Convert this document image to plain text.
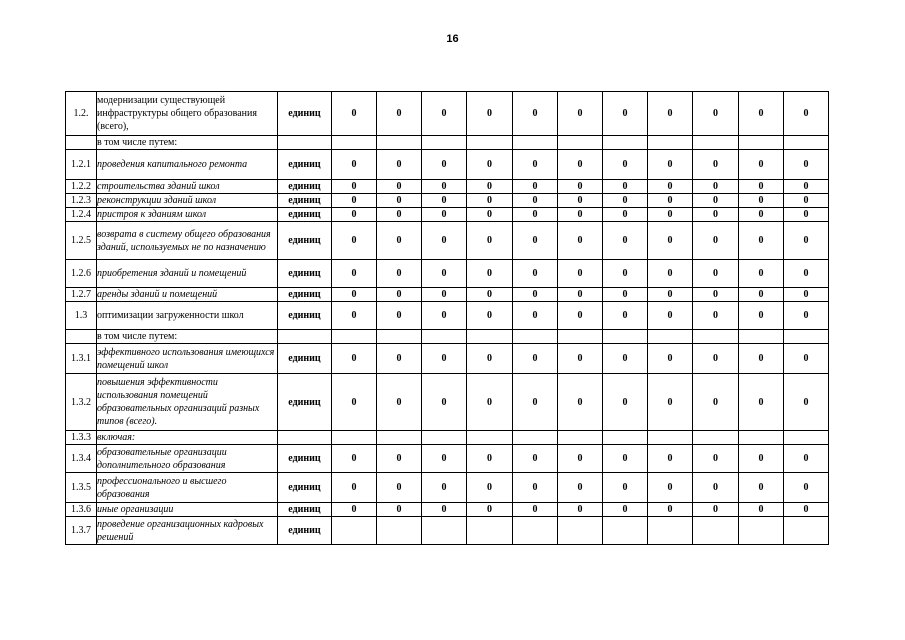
16
1.2.	модернизации существующей инфраструктуры общего образования (всего),	единиц	0	0	0	0	0	0	0	0	0	0	0
	в том числе путем:												
1.2.1	проведения капитального ремонта	единиц	0	0	0	0	0	0	0	0	0	0	0
1.2.2	строительства зданий школ	единиц	0	0	0	0	0	0	0	0	0	0	0
1.2.3	реконструкции зданий школ	единиц	0	0	0	0	0	0	0	0	0	0	0
1.2.4	пристроя к зданиям школ	единиц	0	0	0	0	0	0	0	0	0	0	0
1.2.5	возврата в систему общего образования зданий, используемых не по назначению	единиц	0	0	0	0	0	0	0	0	0	0	0
1.2.6	приобретения зданий и помещений	единиц	0	0	0	0	0	0	0	0	0	0	0
1.2.7	аренды зданий и помещений	единиц	0	0	0	0	0	0	0	0	0	0	0
1.3	оптимизации загруженности школ	единиц	0	0	0	0	0	0	0	0	0	0	0
	в том числе путем:												
1.3.1	эффективного использования имеющихся помещений школ	единиц	0	0	0	0	0	0	0	0	0	0	0
1.3.2	повышения эффективности использования помещений образовательных организаций разных типов (всего).	единиц	0	0	0	0	0	0	0	0	0	0	0
1.3.3	включая:												
1.3.4	образовательные организации дополнительного образования	единиц	0	0	0	0	0	0	0	0	0	0	0
1.3.5	профессионального и высшего образования	единиц	0	0	0	0	0	0	0	0	0	0	0
1.3.6	иные организации	единиц	0	0	0	0	0	0	0	0	0	0	0
1.3.7	проведение организационных кадровых решений	единиц											
